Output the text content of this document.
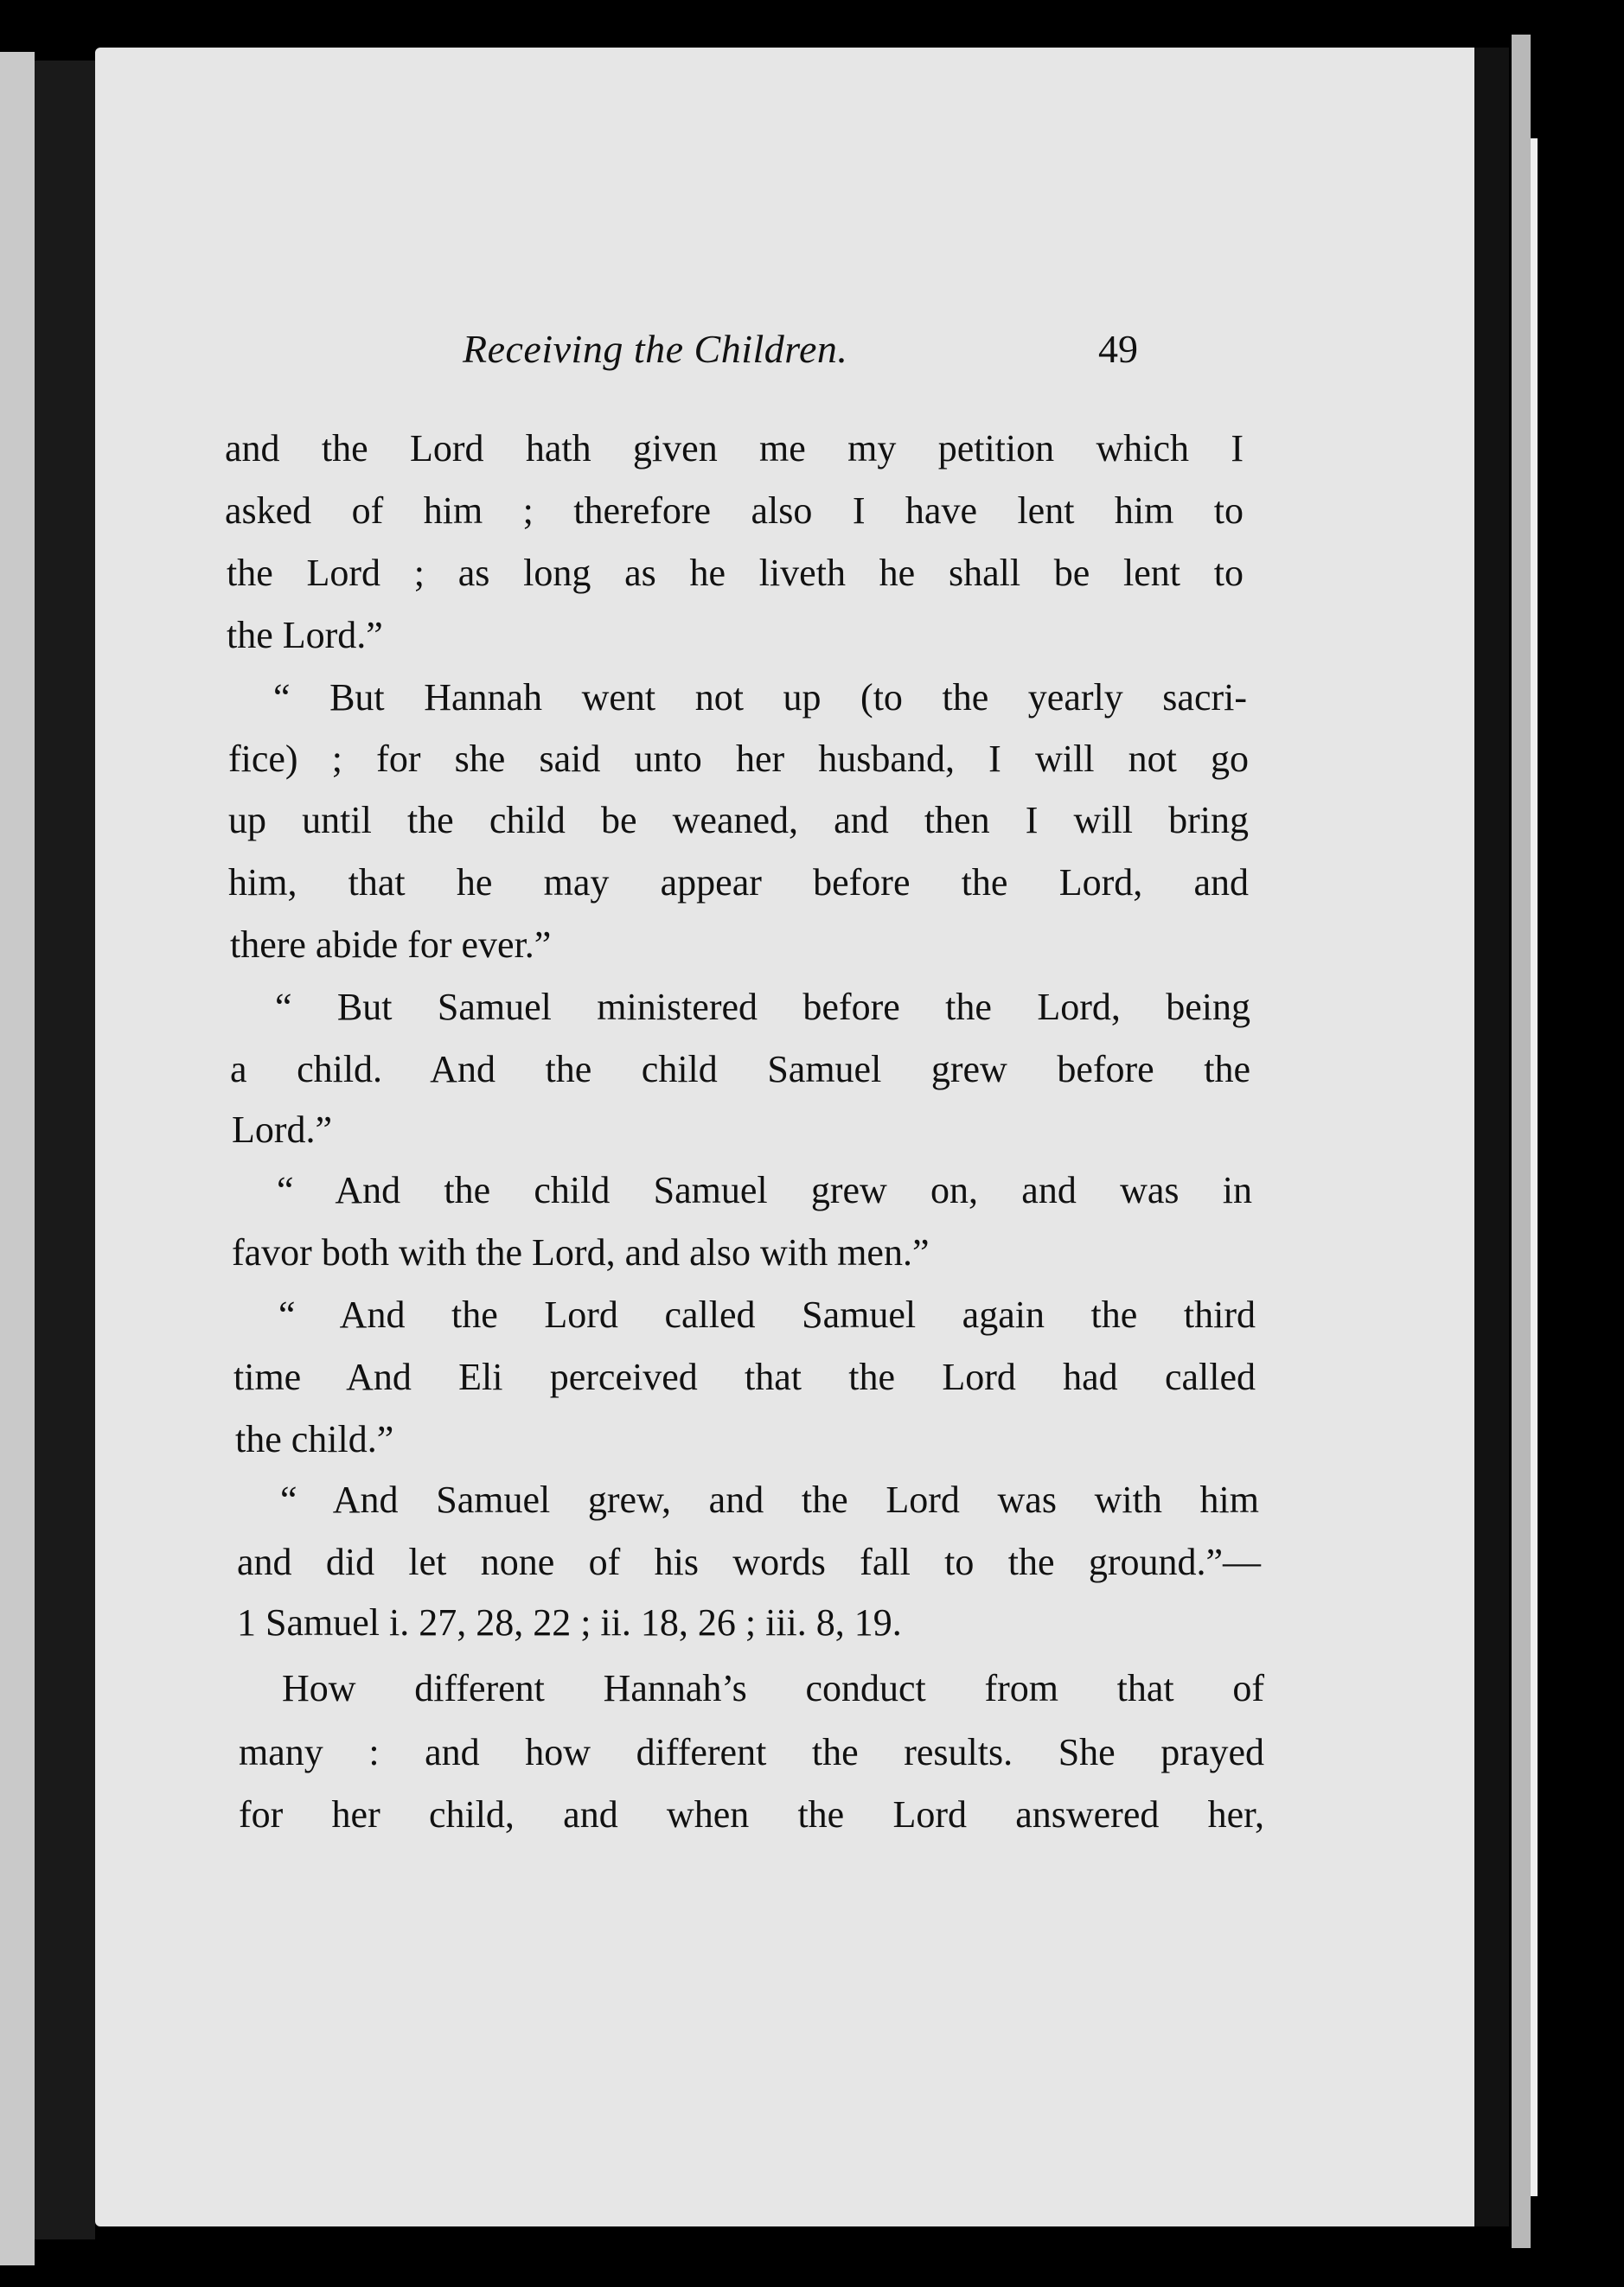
Receiving the Children.	49
and the Lord hath given me my petition which I
asked of him ; therefore also I have lent him to
the Lord ; as long as he liveth he shall be lent to
the Lord.”
“ But Hannah went not up (to the yearly sacri-
fice) ; for she said unto her husband, I will not go
up until the child be weaned, and then I will bring
him, that he may appear before the Lord, and
there abide for ever.”
“ But Samuel ministered before the Lord, being
a child. And the child Samuel grew before the
Lord.”
“ And the child Samuel grew on, and was in
favor both with the Lord, and also with men.”
“ And the Lord called Samuel again the third
time And Eli perceived that the Lord had called
the child.”
“ And Samuel grew, and the Lord was with him
and did let none of his words fall to the ground.”—
1 Samuel i. 27, 28, 22 ; ii. 18, 26 ; iii. 8, 19.
How different Hannah’s conduct from that of
many : and how different the results. She prayed
for her child, and when the Lord answered her,
